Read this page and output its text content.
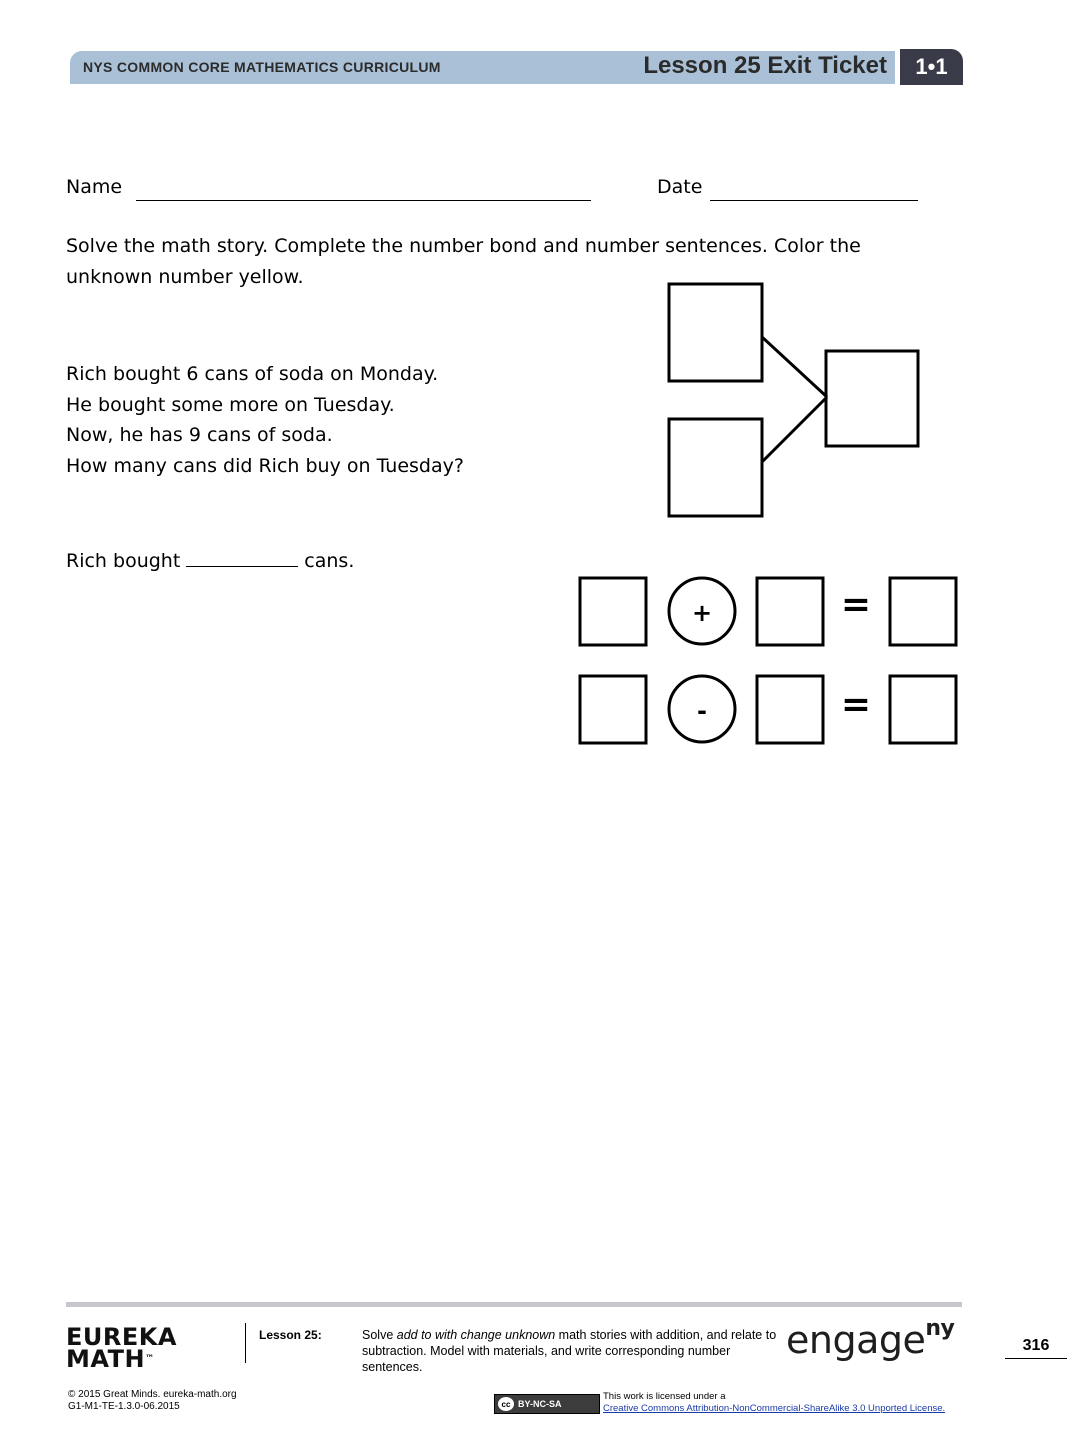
NYS COMMON CORE MATHEMATICS CURRICULUM	Lesson 25 Exit Ticket	1•1
Name	Date
Solve the math story. Complete the number bond and number sentences. Color the unknown number yellow.
Rich bought 6 cans of soda on Monday.
He bought some more on Tuesday.
Now, he has 9 cans of soda.
How many cans did Rich buy on Tuesday?
Rich bought	cans.
+	=
-	=
EUREKA
MATH™
Lesson 25:	Solve add to with change unknown math stories with addition, and relate to subtraction. Model with materials, and write corresponding number sentences.
engage$^{ny}$
316
© 2015 Great Minds. eureka-math.org
G1-M1-TE-1.3.0-06.2015	cc BY-NC-SA
This work is licensed under a
Creative Commons Attribution-NonCommercial-ShareAlike 3.0 Unported License.
